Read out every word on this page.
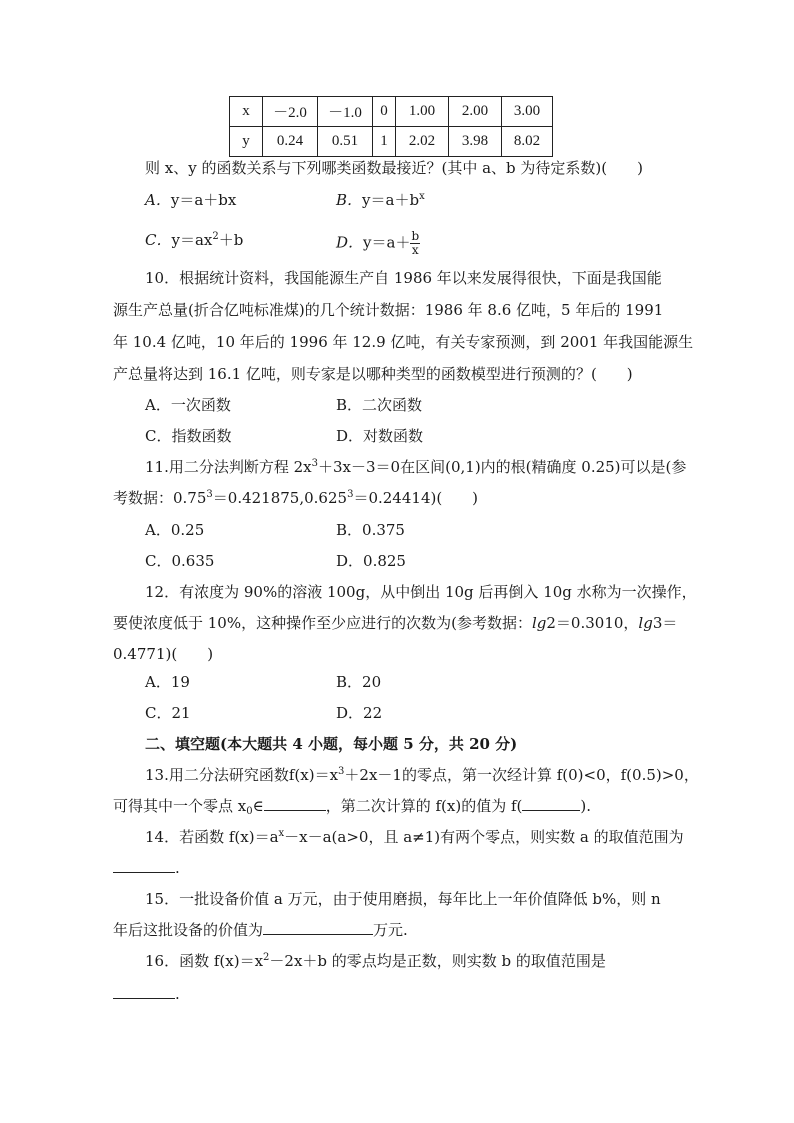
x	－2.0	－1.0	0	1.00	2.00	3.00
y	0.24	0.51	1	2.02	3.98	8.02
则 x、y 的函数关系与下列哪类函数最接近？(其中 a、b 为待定系数)(　　)
A．y＝a＋bx	B．$y=a+b^x$
C．$y=ax^2+b$	D．$y=a+ \frac{b}{x}$
10．根据统计资料，我国能源生产自 1986 年以来发展得很快，下面是我国能
源生产总量(折合亿吨标准煤)的几个统计数据：1986 年 8.6 亿吨，5 年后的 1991
年 10.4 亿吨，10 年后的 1996 年 12.9 亿吨，有关专家预测，到 2001 年我国能源生
产总量将达到 16.1 亿吨，则专家是以哪种类型的函数模型进行预测的？(　　)
A．一次函数	B．二次函数
C．指数函数	D．对数函数
11.用二分法判断方程 $2x^3+3x-3=0$在区间(0,1)内的根(精确度 0.25)可以是(参
考数据：$0.75^3=0.421875,0.625^3=0.24414$)(　　)
A．0.25	B．0.375
C．0.635	D．0.825
12．有浓度为 90%的溶液 100g，从中倒出 10g 后再倒入 10g 水称为一次操作，
要使浓度低于 10%，这种操作至少应进行的次数为(参考数据：lg2＝0.3010，lg3＝
0.4771)(　　)
A．19	B．20
C．21	D．22
二、填空题(本大题共 4 小题，每小题 5 分，共 20 分)
13.用二分法研究函数$f(x)=x^3+2x-1$的零点，第一次经计算 f(0)<0，f(0.5)>0，
可得其中一个零点 $x_0\in$	，第二次计算的 f(x)的值为 f(	).
14．若函数 $f(x)=a^x-x-a(a>0$，且 a≠1)有两个零点，则实数 a 的取值范围为
.
15．一批设备价值 a 万元，由于使用磨损，每年比上一年价值降低 b%，则 n
年后这批设备的价值为	万元.
16．函数 $f(x)=x^2-2x+b$ 的零点均是正数，则实数 b 的取值范围是
.
